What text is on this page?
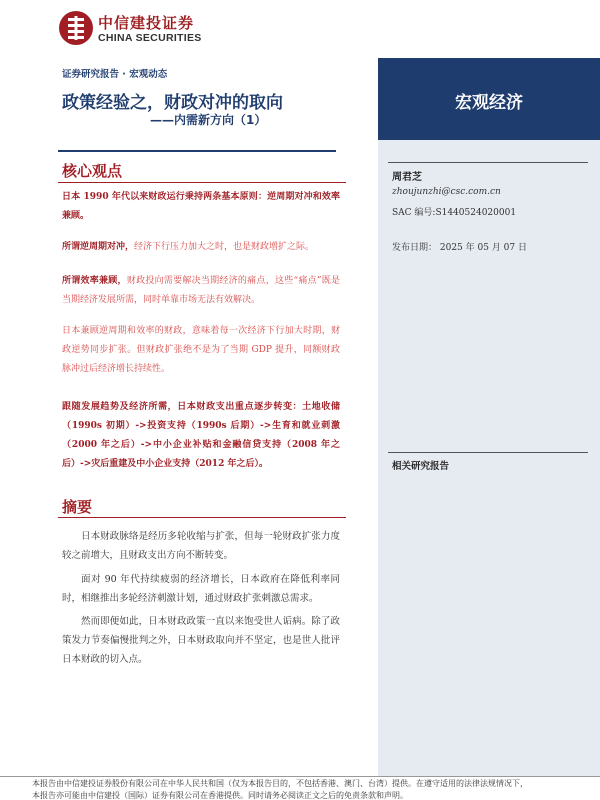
中信建投证券
CHINA SECURITIES
宏观经济
证券研究报告 · 宏观动态
政策经验之，财政对冲的取向
——内需新方向（1）
核心观点
日本 1990 年代以来财政运行秉持两条基本原则：逆周期对冲和效率兼顾。
所谓逆周期对冲，经济下行压力加大之时，也是财政增扩之际。
所谓效率兼顾，财政投向需要解决当期经济的痛点，这些“痛点”既是当期经济发展所需，同时单靠市场无法有效解决。
日本兼顾逆周期和效率的财政，意味着每一次经济下行加大时期，财政逆势同步扩张。但财政扩张绝不是为了当期 GDP 提升，同额财政脉冲过后经济增长持续性。
跟随发展趋势及经济所需，日本财政支出重点逐步转变：土地收储（1990s 初期）->投资支持（1990s 后期）->生育和就业刺激（2000 年之后）->中小企业补贴和金融信贷支持（2008 年之后）->灾后重建及中小企业支持（2012 年之后）。
摘要
日本财政脉络是经历多轮收缩与扩张，但每一轮财政扩张力度较之前增大，且财政支出方向不断转变。
面对 90 年代持续疲弱的经济增长，日本政府在降低利率同时，相继推出多轮经济刺激计划，通过财政扩张刺激总需求。
然而即便如此，日本财政政策一直以来饱受世人诟病。除了政策发力节奏偏慢批判之外，日本财政取向并不坚定，也是世人批评日本财政的切入点。
周君芝
zhoujunzhi@csc.com.cn
SAC 编号:S1440524020001
发布日期： 2025 年 05 月 07 日
相关研究报告
本报告由中信建投证券股份有限公司在中华人民共和国（仅为本报告目的，不包括香港、澳门、台湾）提供。在遵守适用的法律法规情况下，
本报告亦可能由中信建投（国际）证券有限公司在香港提供。同时请务必阅读正文之后的免责条款和声明。
